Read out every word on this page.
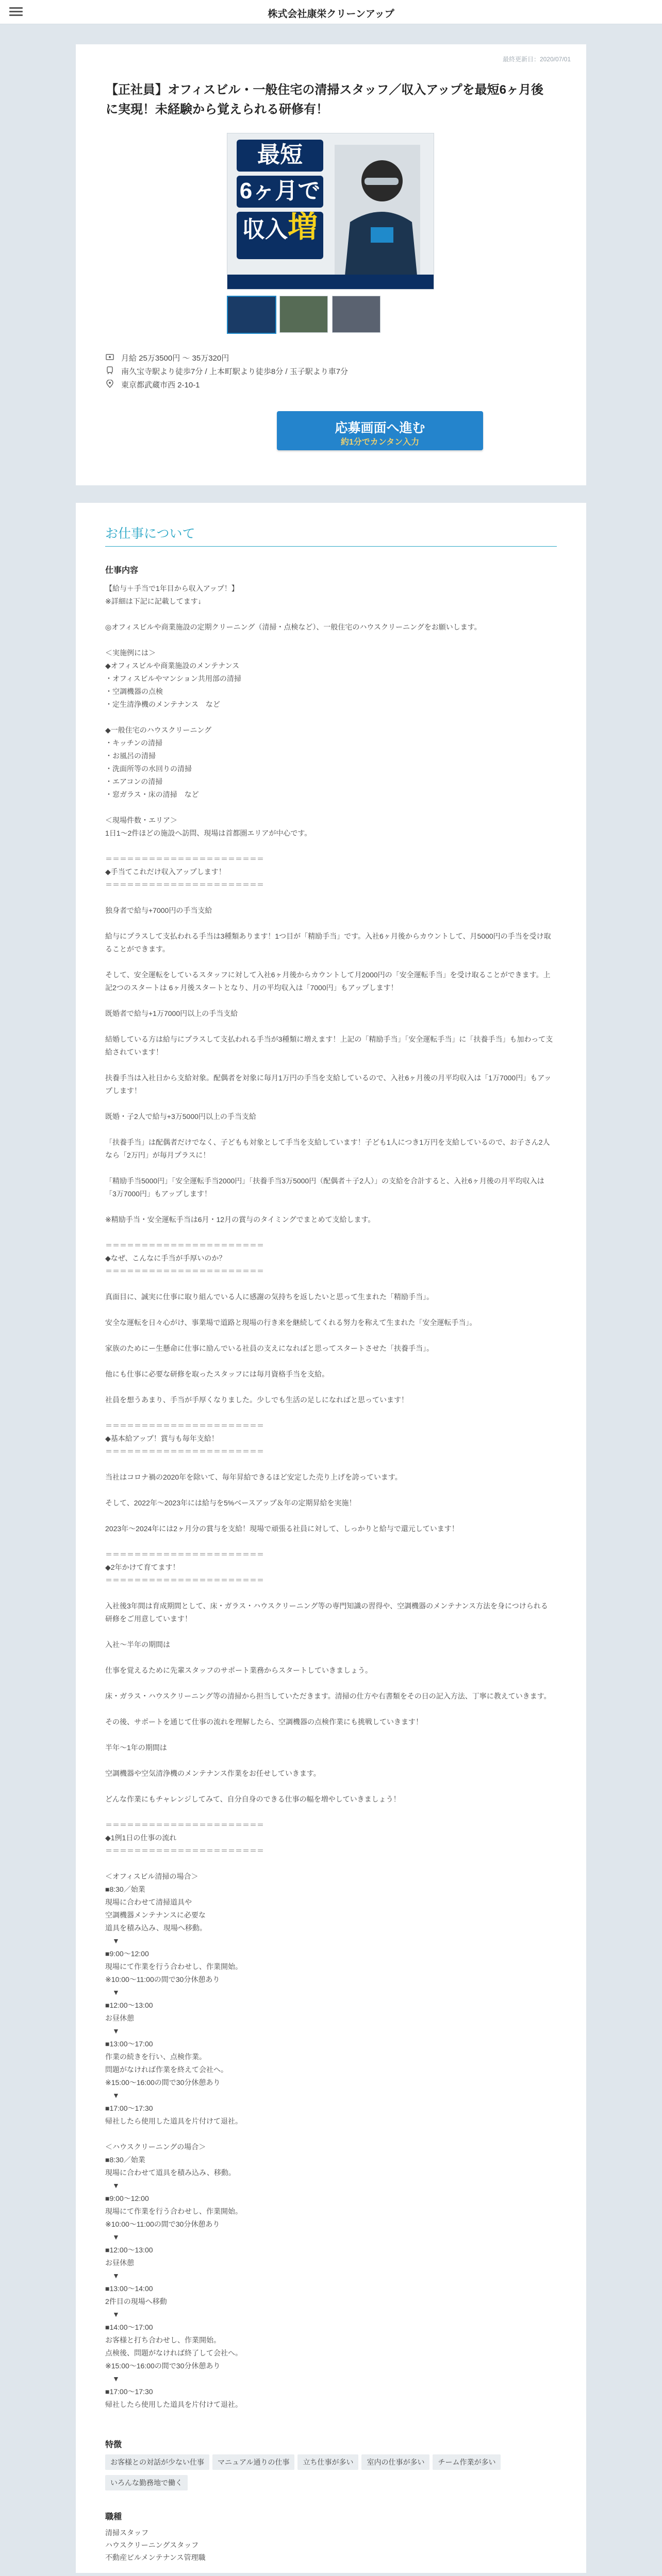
株式会社康栄クリーンアップ
最終更新日：2020/07/01
【正社員】オフィスビル・一般住宅の清掃スタッフ／収入アップを最短6ヶ月後に実現！未経験から覚えられる研修有！
最短
6ヶ月で
収入増
月給 25万3500円 ～ 35万320円
南久宝寺駅より徒歩7分 / 上本町駅より徒歩8分 / 玉子駅より車7分
東京都武蔵市西 2-10-1
応募画面へ進む
約1分でカンタン入力
お仕事について
仕事内容

【給与＋手当で1年目から収入アップ！】
※詳細は下記に記載してます↓

◎オフィスビルや商業施設の定期クリーニング（清掃・点検など）、一般住宅のハウスクリーニングをお願いします。

＜実施例には＞
◆オフィスビルや商業施設のメンテナンス
・オフィスビルやマンション共用部の清掃
・空調機器の点検
・定生清浄機のメンテナンス　など

◆一般住宅のハウスクリーニング
・キッチンの清掃
・お風呂の清掃
・洗面所等の水回りの清掃
・エアコンの清掃
・窓ガラス・床の清掃　など

＜現場件数・エリア＞
1日1～2件ほどの施設へ訪問、現場は首都圏エリアが中心です。

＝＝＝＝＝＝＝＝＝＝＝＝＝＝＝＝＝＝＝＝＝＝
◆手当てこれだけ収入アップします！
＝＝＝＝＝＝＝＝＝＝＝＝＝＝＝＝＝＝＝＝＝＝

独身者で給与+7000円の手当支給

給与にプラスして支払われる手当は3種類あります！1つ目が「精励手当」です。入社6ヶ月後からカウントして、月5000円の手当を受け取ることができます。

そして、安全運転をしているスタッフに対して入社6ヶ月後からカウントして月2000円の「安全運転手当」を受け取ることができます。上記2つのスタートは 6ヶ月後スタートとなり、月の平均収入は「7000円」もアップします！

既婚者で給与+1万7000円以上の手当支給

結婚している方は給与にプラスして支払われる手当が3種類に増えます！上記の「精励手当」「安全運転手当」に「扶養手当」も加わって支給されています！

扶養手当は入社日から支給対象。配偶者を対象に毎月1万円の手当を支給しているので、入社6ヶ月後の月平均収入は「1万7000円」もアップします！

既婚・子2人で給与+3万5000円以上の手当支給

「扶養手当」は配偶者だけでなく、子どもも対象として手当を支給しています！子ども1人につき1万円を支給しているので、お子さん2人なら「2万円」が毎月プラスに！

「精励手当5000円」「安全運転手当2000円」「扶養手当3万5000円（配偶者＋子2人）」の支給を合計すると、入社6ヶ月後の月平均収入は「3万7000円」もアップします！

※精励手当・安全運転手当は6月・12月の賞与のタイミングでまとめて支給します。

＝＝＝＝＝＝＝＝＝＝＝＝＝＝＝＝＝＝＝＝＝＝
◆なぜ、こんなに手当が手厚いのか？
＝＝＝＝＝＝＝＝＝＝＝＝＝＝＝＝＝＝＝＝＝＝

真面目に、誠実に仕事に取り組んでいる人に感謝の気持ちを返したいと思って生まれた「精励手当」。

安全な運転を日々心がけ、事業場で道路と現場の行き来を継続してくれる努力を称えて生まれた「安全運転手当」。

家族のためにー生懸命に仕事に励んでいる社員の支えになればと思ってスタートさせた「扶養手当」。

他にも仕事に必要な研修を取ったスタッフには毎月資格手当を支給。

社員を想うあまり、手当が手厚くなりました。少しでも生活の足しになればと思っています！

＝＝＝＝＝＝＝＝＝＝＝＝＝＝＝＝＝＝＝＝＝＝
◆基本給アップ！賞与も毎年支給！
＝＝＝＝＝＝＝＝＝＝＝＝＝＝＝＝＝＝＝＝＝＝

当社はコロナ禍の2020年を除いて、毎年昇給できるほど安定した売り上げを誇っています。

そして、2022年～2023年には給与を5%ベースアップ＆年の定期昇給を実施！

2023年～2024年には2ヶ月分の賞与を支給！現場で頑張る社員に対して、しっかりと給与で還元しています！

＝＝＝＝＝＝＝＝＝＝＝＝＝＝＝＝＝＝＝＝＝＝
◆2年かけて育てます！
＝＝＝＝＝＝＝＝＝＝＝＝＝＝＝＝＝＝＝＝＝＝

入社後3年間は育成期間として、床・ガラス・ハウスクリーニング等の専門知識の習得や、空調機器のメンテナンス方法を身につけられる研修をご用意しています！

入社～半年の期間は

仕事を覚えるために先輩スタッフのサポート業務からスタートしていきましょう。

床・ガラス・ハウスクリーニング等の清掃から担当していただきます。清掃の仕方や右書類をその日の記入方法、丁寧に教えていきます。

その後、サポートを通じて仕事の流れを理解したら、空調機器の点検作業にも挑戦していきます！

半年～1年の期間は

空調機器や空気清浄機のメンテナンス作業をお任せしていきます。

どんな作業にもチャレンジしてみて、自分自身のできる仕事の幅を増やしていきましょう！

＝＝＝＝＝＝＝＝＝＝＝＝＝＝＝＝＝＝＝＝＝＝
◆1例1日の仕事の流れ
＝＝＝＝＝＝＝＝＝＝＝＝＝＝＝＝＝＝＝＝＝＝

＜オフィスビル清掃の場合＞
■8:30／始業
現場に合わせて清掃道具や
空調機器メンテナンスに必要な
道具を積み込み、現場へ移動。
　▼
■9:00～12:00
現場にて作業を行う合わせし、作業開始。
※10:00～11:00の間で30分休憩あり
　▼
■12:00～13:00
お昼休憩
　▼
■13:00～17:00
作業の続きを行い、点検作業。
問題がなければ作業を終えて会社へ。
※15:00～16:00の間で30分休憩あり
　▼
■17:00～17:30
帰社したら使用した道具を片付けて退社。

＜ハウスクリーニングの場合＞
■8:30／始業
現場に合わせて道具を積み込み、移動。
　▼
■9:00～12:00
現場にて作業を行う合わせし、作業開始。
※10:00～11:00の間で30分休憩あり
　▼
■12:00～13:00
お昼休憩
　▼
■13:00～14:00
2件目の現場へ移動
　▼
■14:00～17:00
お客様と打ち合わせし、作業開始。
点検後、問題がなければ終了して会社へ。
※15:00～16:00の間で30分休憩あり
　▼
■17:00～17:30
帰社したら使用した道具を片付けて退社。

特徴
お客様との対話が少ない仕事 マニュアル通りの仕事 立ち仕事が多い 室内の仕事が多い チーム作業が多いいろんな勤務地で働く
職種
清掃スタッフ
ハウスクリーニングスタッフ
不動産ビルメンテナンス管理職
